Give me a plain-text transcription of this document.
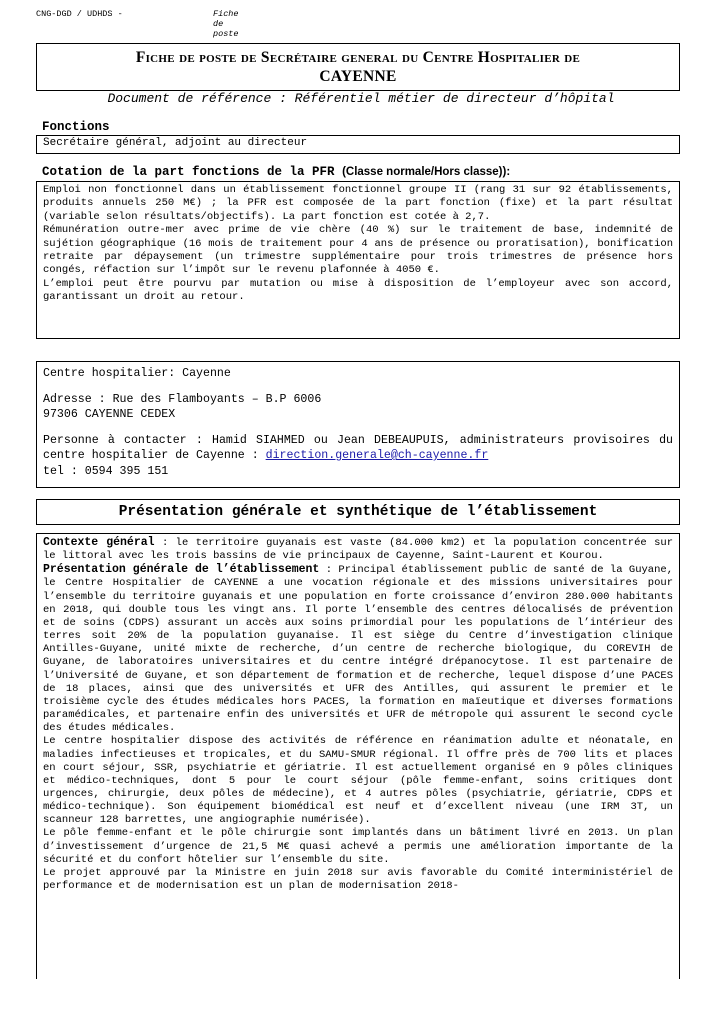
CNG-DGD / UDHDS -	Fiche de poste

Fiche de poste de Secrétaire general du Centre Hospitalier de

CAYENNE

Document de référence : Référentiel métier de directeur d’hôpital
Fonctions

Secrétaire général, adjoint au directeur

Cotation de la part fonctions de la PFR (Classe normale/Hors classe)):

Emploi non fonctionnel dans un établissement fonctionnel groupe II (rang 31 sur 92 établissements, produits annuels 250 M€) ; la PFR est composée de la part fonction (fixe) et la part résultat (variable selon résultats/objectifs). La part fonction est cotée à 2,7.

Rémunération outre-mer avec prime de vie chère (40 %) sur le traitement de base, indemnité de sujétion géographique (16 mois de traitement pour 4 ans de présence ou proratisation), bonification retraite par dépaysement (un trimestre supplémentaire pour trois trimestres de présence hors congés, réfaction sur l’impôt sur le revenu plafonnée à 4050 €.

L’emploi peut être pourvu par mutation ou mise à disposition de l’employeur avec son accord, garantissant un droit au retour.

Centre hospitalier: Cayenne

Adresse : Rue des Flamboyants – B.P 6006

97306 CAYENNE CEDEX

Personne à contacter : Hamid SIAHMED ou Jean DEBEAUPUIS, administrateurs provisoires du centre hospitalier de Cayenne : direction.generale@ch-cayenne.fr

tel : 0594 395 151

Présentation générale et synthétique de l’établissement

Contexte général : le territoire guyanais est vaste (84.000 km2) et la population concentrée sur le littoral avec les trois bassins de vie principaux de Cayenne, Saint-Laurent et Kourou.

Présentation générale de l’établissement : Principal établissement public de santé de la Guyane, le Centre Hospitalier de CAYENNE a une vocation régionale et des missions universitaires pour l’ensemble du territoire guyanais et une population en forte croissance d’environ 280.000 habitants en 2018, qui double tous les vingt ans. Il porte l’ensemble des centres délocalisés de prévention et de soins (CDPS) assurant un accès aux soins primordial pour les populations de l’intérieur des terres soit 20% de la population guyanaise. Il est siège du Centre d’investigation clinique Antilles-Guyane, unité mixte de recherche, d’un centre de recherche biologique, du COREVIH de Guyane, de laboratoires universitaires et du centre intégré drépanocytose. Il est partenaire de l’Université de Guyane, et son département de formation et de recherche, lequel dispose d’une PACES de 18 places, ainsi que des universités et UFR des Antilles, qui assurent le premier et le troisième cycle des études médicales hors PACES, la formation en maïeutique et diverses formations paramédicales, et partenaire enfin des universités et UFR de métropole qui assurent le second cycle des études médicales.

Le centre hospitalier dispose des activités de référence en réanimation adulte et néonatale, en maladies infectieuses et tropicales, et du SAMU-SMUR régional. Il offre près de 700 lits et places en court séjour, SSR, psychiatrie et gériatrie. Il est actuellement organisé en 9 pôles cliniques et médico-techniques, dont 5 pour le court séjour (pôle femme-enfant, soins critiques dont urgences, chirurgie, deux pôles de médecine), et 4 autres pôles (psychiatrie, gériatrie, CDPS et médico-technique). Son équipement biomédical est neuf et d’excellent niveau (une IRM 3T, un scanneur 128 barrettes, une angiographie numérisée).

Le pôle femme-enfant et le pôle chirurgie sont implantés dans un bâtiment livré en 2013. Un plan d’investissement d’urgence de 21,5 M€ quasi achevé a permis une amélioration importante de la sécurité et du confort hôtelier sur l’ensemble du site.

Le projet approuvé par la Ministre en juin 2018 sur avis favorable du Comité interministériel de performance et de modernisation est un plan de modernisation 2018-
